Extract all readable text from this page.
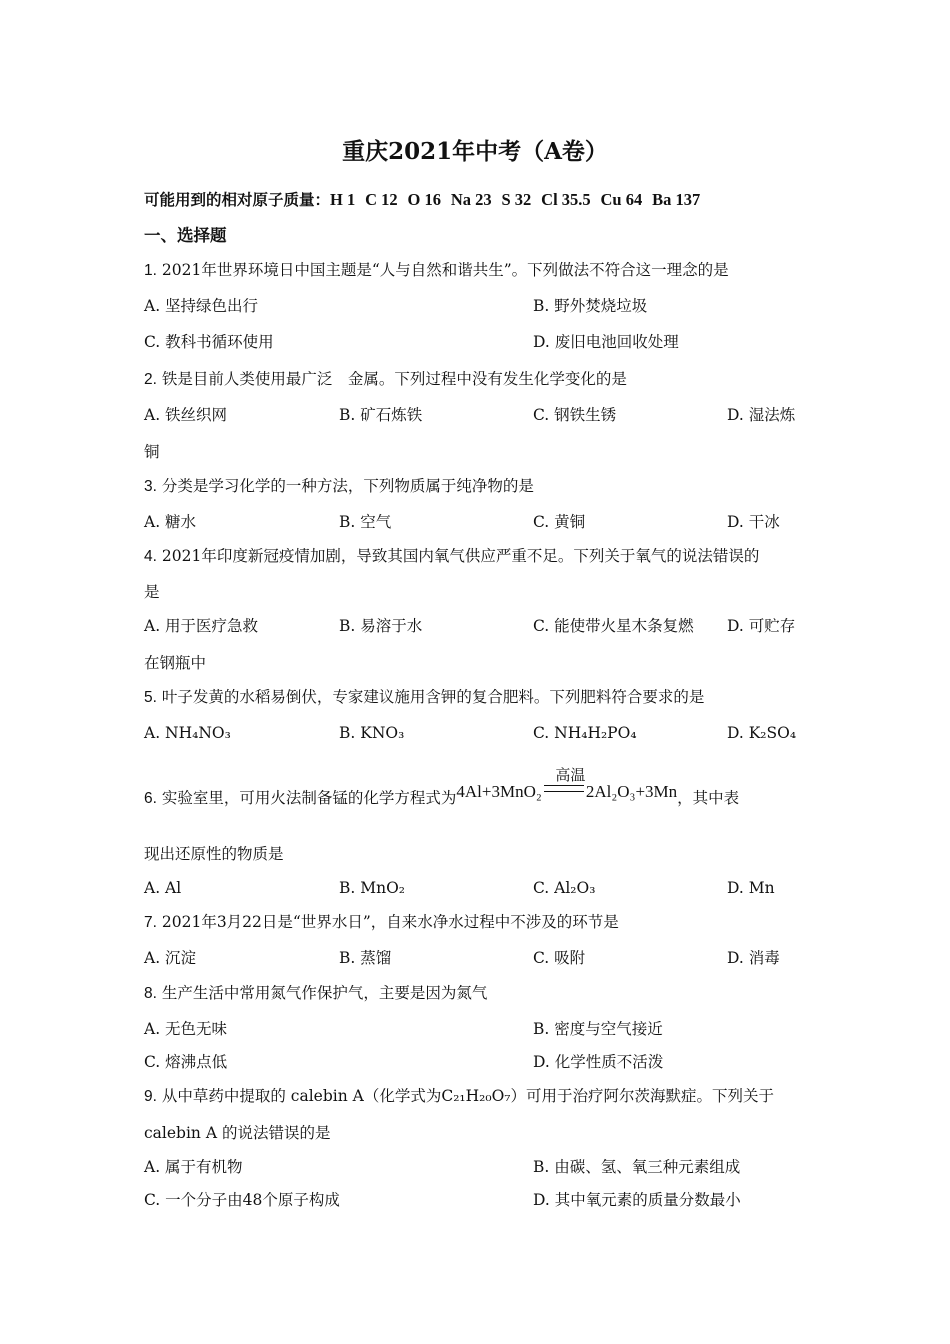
重庆2021年中考（A卷）
可能用到的相对原子质量：H 1 C 12 O 16 Na 23 S 32 Cl 35.5 Cu 64 Ba 137
一、选择题
1. 2021年世界环境日中国主题是“人与自然和谐共生”。下列做法不符合这一理念的是
A. 坚持绿色出行	B. 野外焚烧垃圾
C. 教科书循环使用	D. 废旧电池回收处理
2. 铁是目前人类使用最广泛　金属。下列过程中没有发生化学变化的是
A. 铁丝织网	B. 矿石炼铁	C. 钢铁生锈	D. 湿法炼
铜
3. 分类是学习化学的一种方法，下列物质属于纯净物的是
A. 糖水	B. 空气	C. 黄铜	D. 干冰
4. 2021年印度新冠疫情加剧，导致其国内氧气供应严重不足。下列关于氧气的说法错误的
是
A. 用于医疗急救	B. 易溶于水	C. 能使带火星木条复燃 D. 可贮存
在钢瓶中
5. 叶子发黄的水稻易倒伏，专家建议施用含钾的复合肥料。下列肥料符合要求的是
A. NH₄NO₃	B. KNO₃	C. NH₄H₂PO₄	D. K₂SO₄
6. 实验室里，可用火法制备锰的化学方程式为4Al+3MnO₂	2Al₂O₃+3Mn
高温
，其中表
现出还原性的物质是
A. Al	B. MnO₂	C. Al₂O₃	D. Mn
7. 2021年3月22日是“世界水日”，自来水净水过程中不涉及的环节是
A. 沉淀	B. 蒸馏	C. 吸附	D. 消毒
8. 生产生活中常用氮气作保护气，主要是因为氮气
A. 无色无味	B. 密度与空气接近
C. 熔沸点低	D. 化学性质不活泼
9. 从中草药中提取的 calebin A（化学式为C₂₁H₂₀O₇）可用于治疗阿尔茨海默症。下列关于
calebin A 的说法错误的是
A. 属于有机物	B. 由碳、氢、氧三种元素组成
C. 一个分子由48个原子构成	D. 其中氧元素的质量分数最小
